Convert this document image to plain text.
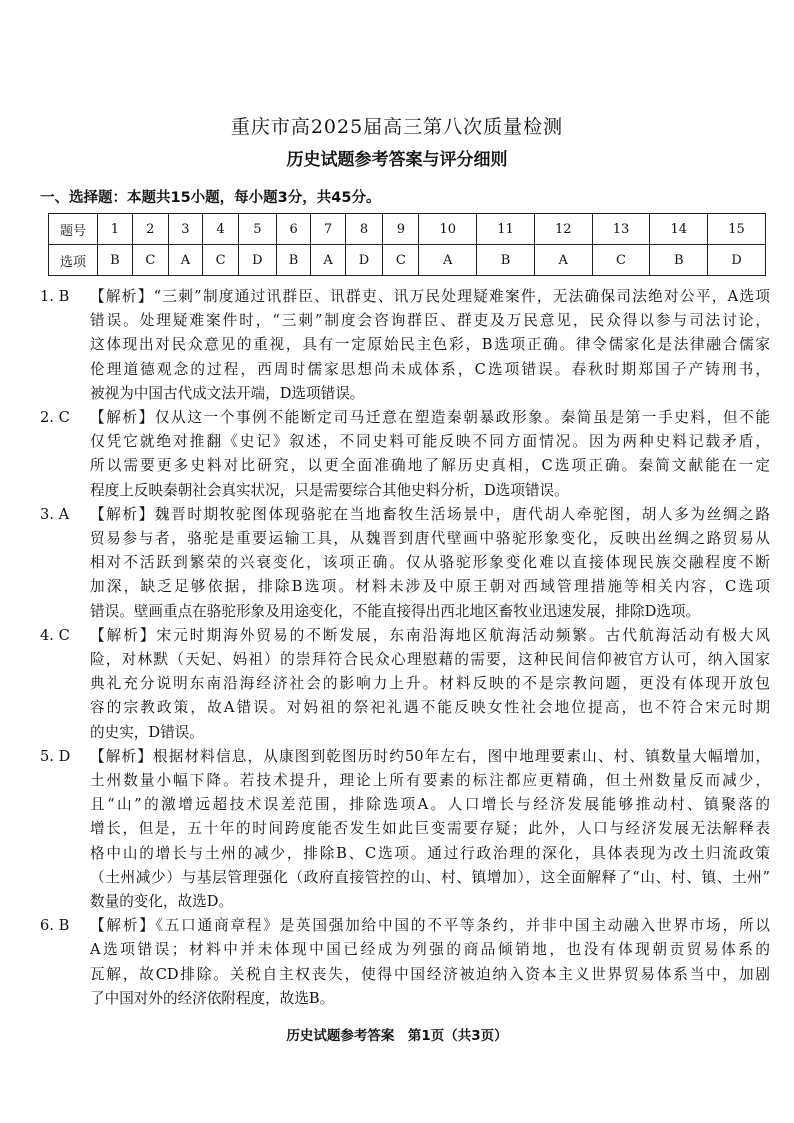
重庆市高2025届高三第八次质量检测
历史试题参考答案与评分细则
一、选择题：本题共15小题，每小题3分，共45分。
题号	1	2	3	4	5	6	7	8	9	10	11	12	13	14	15
选项	B	C	A	C	D	B	A	D	C	A	B	A	C	B	D
1. B	【解析】“三刺”制度通过讯群臣、讯群吏、讯万民处理疑难案件，无法确保司法绝对公平，A选项
错误。处理疑难案件时，“三刺”制度会咨询群臣、群吏及万民意见，民众得以参与司法讨论，
这体现出对民众意见的重视，具有一定原始民主色彩，B选项正确。律令儒家化是法律融合儒家
伦理道德观念的过程，西周时儒家思想尚未成体系，C选项错误。春秋时期郑国子产铸刑书，
被视为中国古代成文法开端，D选项错误。
2. C	【解析】仅从这一个事例不能断定司马迁意在塑造秦朝暴政形象。秦简虽是第一手史料，但不能
仅凭它就绝对推翻《史记》叙述，不同史料可能反映不同方面情况。因为两种史料记载矛盾，
所以需要更多史料对比研究，以更全面准确地了解历史真相，C选项正确。秦简文献能在一定
程度上反映秦朝社会真实状况，只是需要综合其他史料分析，D选项错误。
3. A	【解析】魏晋时期牧驼图体现骆驼在当地畜牧生活场景中，唐代胡人牵驼图，胡人多为丝绸之路
贸易参与者，骆驼是重要运输工具，从魏晋到唐代壁画中骆驼形象变化，反映出丝绸之路贸易从
相对不活跃到繁荣的兴衰变化，该项正确。仅从骆驼形象变化难以直接体现民族交融程度不断
加深，缺乏足够依据，排除B选项。材料未涉及中原王朝对西域管理措施等相关内容，C选项
错误。壁画重点在骆驼形象及用途变化，不能直接得出西北地区畜牧业迅速发展，排除D选项。
4. C	【解析】宋元时期海外贸易的不断发展，东南沿海地区航海活动频繁。古代航海活动有极大风
险，对林默（天妃、妈祖）的崇拜符合民众心理慰藉的需要，这种民间信仰被官方认可，纳入国家
典礼充分说明东南沿海经济社会的影响力上升。材料反映的不是宗教问题，更没有体现开放包
容的宗教政策，故A错误。对妈祖的祭祀礼遇不能反映女性社会地位提高，也不符合宋元时期
的史实，D错误。
5. D	【解析】根据材料信息，从康图到乾图历时约50年左右，图中地理要素山、村、镇数量大幅增加，
土州数量小幅下降。若技术提升，理论上所有要素的标注都应更精确，但土州数量反而减少，
且“山”的激增远超技术误差范围，排除选项A。人口增长与经济发展能够推动村、镇聚落的
增长，但是，五十年的时间跨度能否发生如此巨变需要存疑；此外，人口与经济发展无法解释表
格中山的增长与土州的减少，排除B、C选项。通过行政治理的深化，具体表现为改土归流政策
（土州减少）与基层管理强化（政府直接管控的山、村、镇增加），这全面解释了“山、村、镇、土州”
数量的变化，故选D。
6. B	【解析】《五口通商章程》是英国强加给中国的不平等条约，并非中国主动融入世界市场，所以
A选项错误；材料中并未体现中国已经成为列强的商品倾销地，也没有体现朝贡贸易体系的
瓦解，故CD排除。关税自主权丧失，使得中国经济被迫纳入资本主义世界贸易体系当中，加剧
了中国对外的经济依附程度，故选B。
历史试题参考答案　第1页（共3页）
